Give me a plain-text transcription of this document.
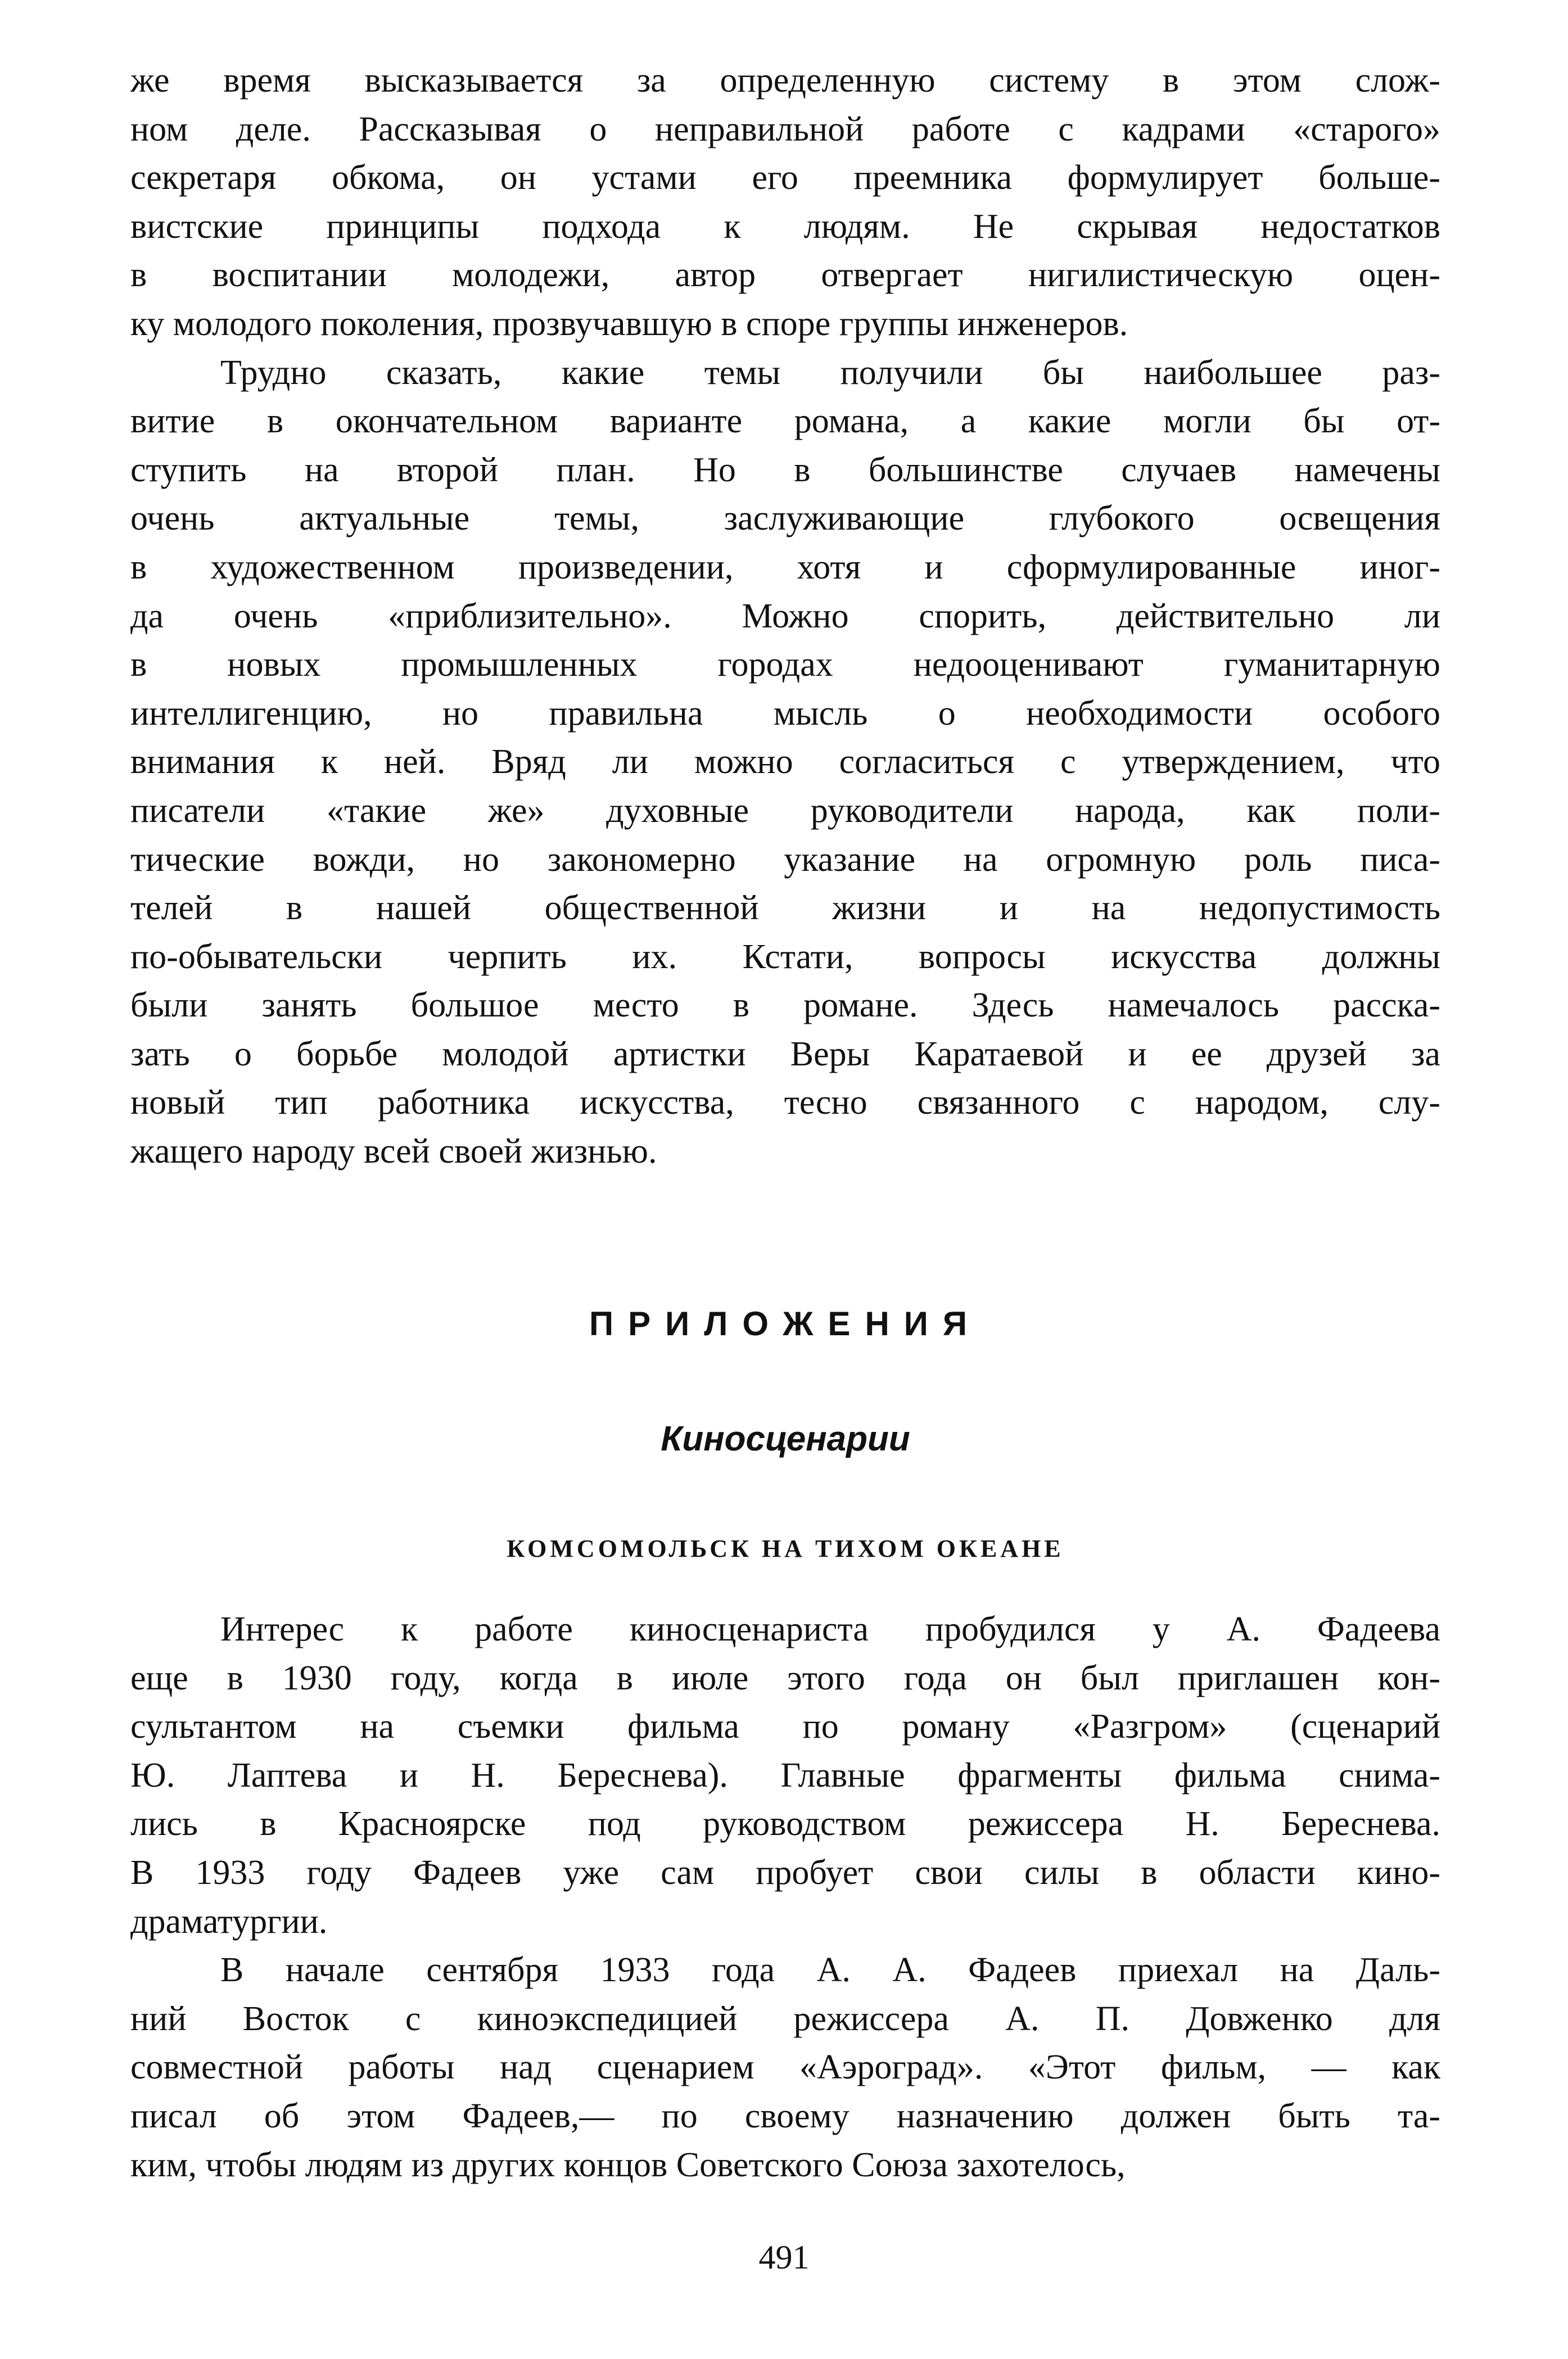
же время высказывается за определенную систему в этом слож-
ном деле. Рассказывая о неправильной работе с кадрами «старого»
секретаря обкома, он устами его преемника формулирует больше-
вистские принципы подхода к людям. Не скрывая недостатков
в воспитании молодежи, автор отвергает нигилистическую оцен-
ку молодого поколения, прозвучавшую в споре группы инженеров.
Трудно сказать, какие темы получили бы наибольшее раз-
витие в окончательном варианте романа, а какие могли бы от-
ступить на второй план. Но в большинстве случаев намечены
очень актуальные темы, заслуживающие глубокого освещения
в художественном произведении, хотя и сформулированные иног-
да очень «приблизительно». Можно спорить, действительно ли
в новых промышленных городах недооценивают гуманитарную
интеллигенцию, но правильна мысль о необходимости особого
внимания к ней. Вряд ли можно согласиться с утверждением, что
писатели «такие же» духовные руководители народа, как поли-
тические вожди, но закономерно указание на огромную роль писа-
телей в нашей общественной жизни и на недопустимость
по-обывательски черпить их. Кстати, вопросы искусства должны
были занять большое место в романе. Здесь намечалось расска-
зать о борьбе молодой артистки Веры Каратаевой и ее друзей за
новый тип работника искусства, тесно связанного с народом, слу-
жащего народу всей своей жизнью.
ПРИЛОЖЕНИЯ
Киносценарии
КОМСОМОЛЬСК НА ТИХОМ ОКЕАНЕ
Интерес к работе киносценариста пробудился у А. Фадеева
еще в 1930 году, когда в июле этого года он был приглашен кон-
сультантом на съемки фильма по роману «Разгром» (сценарий
Ю. Лаптева и Н. Береснева). Главные фрагменты фильма снима-
лись в Красноярске под руководством режиссера Н. Береснева.
В 1933 году Фадеев уже сам пробует свои силы в области кино-
драматургии.
В начале сентября 1933 года А. А. Фадеев приехал на Даль-
ний Восток с киноэкспедицией режиссера А. П. Довженко для
совместной работы над сценарием «Аэроград». «Этот фильм, — как
писал об этом Фадеев,— по своему назначению должен быть та-
ким, чтобы людям из других концов Советского Союза захотелось,
491
